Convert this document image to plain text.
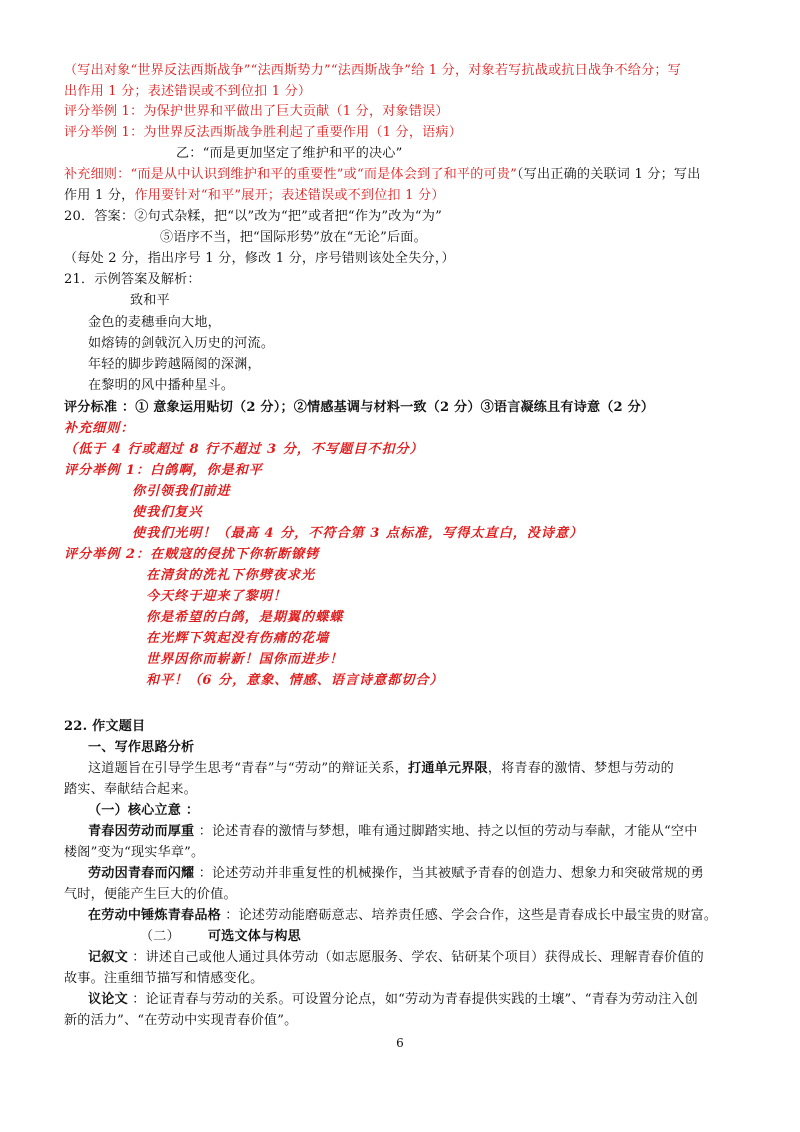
（写出对象“世界反法西斯战争”“法西斯势力”“法西斯战争”给 1 分，对象若写抗战或抗日战争不给分；写

出作用 1 分；表述错误或不到位扣 1 分）

评分举例 1：为保护世界和平做出了巨大贡献（1 分，对象错误）

评分举例 1：为世界反法西斯战争胜利起了重要作用（1 分，语病）

乙：“而是更加坚定了维护和平的决心”

补充细则：“而是从中认识到维护和平的重要性”或“而是体会到了和平的可贵”（写出正确的关联词 1 分；写出

作用 1 分，作用要针对“和平”展开；表述错误或不到位扣 1 分）

20．答案：②句式杂糅，把“以”改为“把”或者把“作为”改为“为”

⑤语序不当，把“国际形势”放在“无论”后面。

（每处 2 分，指出序号 1 分，修改 1 分，序号错则该处全失分，）

21．示例答案及解析：

致和平

金色的麦穗垂向大地，

如熔铸的剑戟沉入历史的河流。

年轻的脚步跨越隔阂的深渊，

在黎明的风中播种星斗。

评分标准 ：① 意象运用贴切（2 分）；②情感基调与材料一致（2 分）③语言凝练且有诗意（2 分）

补充细则：

（低于 4 行或超过 8 行不超过 3 分，不写题目不扣分）

评分举例 1：白鸽啊，你是和平

你引领我们前进

使我们复兴

使我们光明！（最高 4 分，不符合第 3 点标准，写得太直白，没诗意）

评分举例 2：在贼寇的侵扰下你斩断镣铐

在清贫的洗礼下你劈夜求光

今天终于迎来了黎明！

你是希望的白鸽，是期翼的蝶蝶

在光辉下筑起没有伤痛的花墙

世界因你而崭新！国你而进步！

和平！（6 分，意象、情感、语言诗意都切合）

22. 作文题目

一、写作思路分析

这道题旨在引导学生思考“青春”与“劳动”的辩证关系，打通单元界限，将青春的激情、梦想与劳动的

踏实、奉献结合起来。

（一）核心立意 ：

青春因劳动而厚重 ：论述青春的激情与梦想，唯有通过脚踏实地、持之以恒的劳动与奉献，才能从“空中

楼阁”变为“现实华章”。

劳动因青春而闪耀 ：论述劳动并非重复性的机械操作，当其被赋予青春的创造力、想象力和突破常规的勇

气时，便能产生巨大的价值。

在劳动中锤炼青春品格 ：论述劳动能磨砺意志、培养责任感、学会合作，这些是青春成长中最宝贵的财富。

（二） 可选文体与构思

记叙文 ：讲述自己或他人通过具体劳动（如志愿服务、学农、钻研某个项目）获得成长、理解青春价值的

故事。注重细节描写和情感变化。

议论文 ：论证青春与劳动的关系。可设置分论点，如“劳动为青春提供实践的土壤”、“青春为劳动注入创

新的活力”、“在劳动中实现青春价值”。

6
